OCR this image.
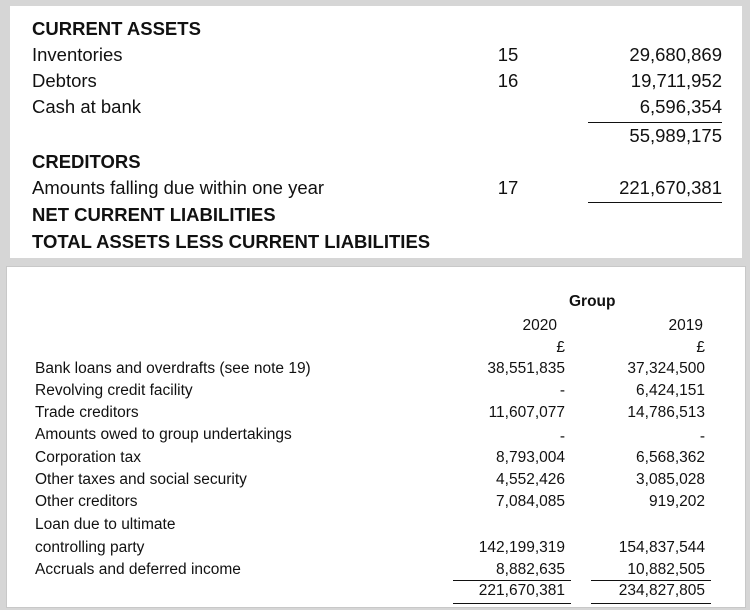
CURRENT ASSETS
Inventories	15	29,680,869
Debtors	16	19,711,952
Cash at bank	6,596,354
55,989,175
CREDITORS
Amounts falling due within one year	17	221,670,381
NET CURRENT LIABILITIES
TOTAL ASSETS LESS CURRENT LIABILITIES
Group
2020	2019
£	£
Bank loans and overdrafts (see note 19)	38,551,835	37,324,500
Revolving credit facility	-	6,424,151
Trade creditors	11,607,077	14,786,513
Amounts owed to group undertakings	-	-
Corporation tax	8,793,004	6,568,362
Other taxes and social security	4,552,426	3,085,028
Other creditors	7,084,085	919,202
Loan due to ultimate
controlling party	142,199,319	154,837,544
Accruals and deferred income	8,882,635	10,882,505
221,670,381	234,827,805
